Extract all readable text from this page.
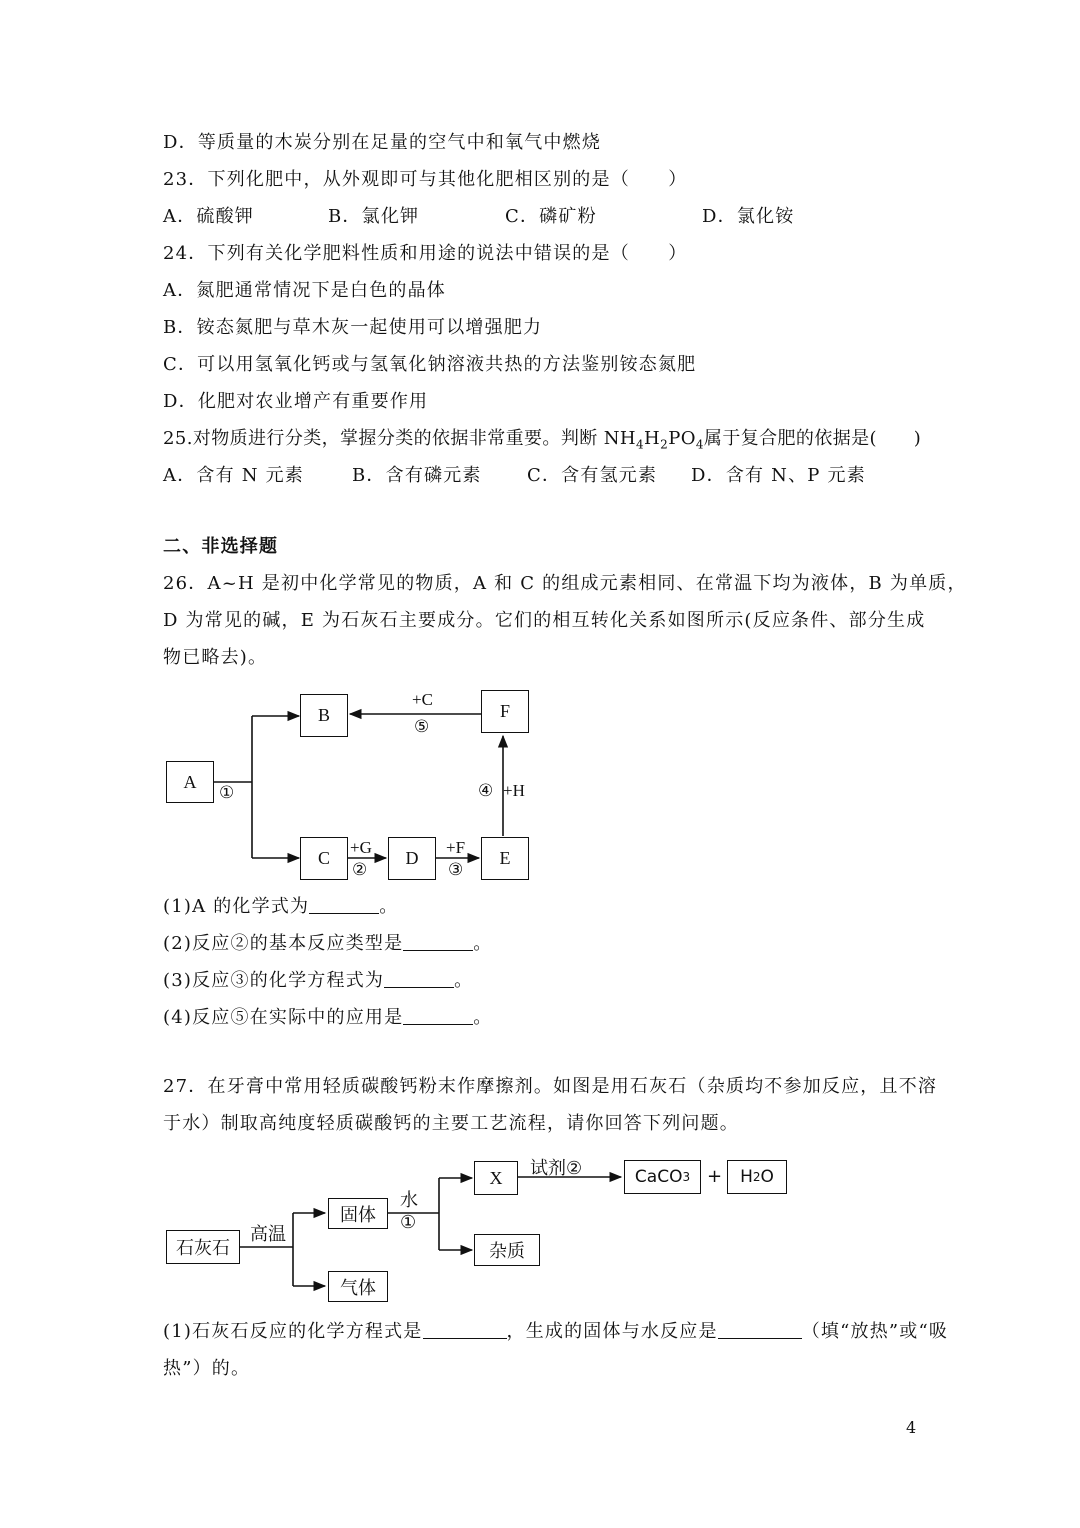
D．等质量的木炭分别在足量的空气中和氧气中燃烧
23．下列化肥中，从外观即可与其他化肥相区别的是（　　）
A．硫酸钾	B．氯化钾	C．磷矿粉	D．氯化铵
24．下列有关化学肥料性质和用途的说法中错误的是（　　）
A．氮肥通常情况下是白色的晶体
B．铵态氮肥与草木灰一起使用可以增强肥力
C．可以用氢氧化钙或与氢氧化钠溶液共热的方法鉴别铵态氮肥
D．化肥对农业增产有重要作用
25.对物质进行分类，掌握分类的依据非常重要。判断 $NH_4H_2PO_4$属于复合肥的依据是(　　)
A．含有 N 元素	B．含有磷元素	C．含有氢元素 D．含有 N、P 元素
二、非选择题
26．A~H 是初中化学常见的物质，A 和 C 的组成元素相同、在常温下均为液体，B 为单质，
D 为常见的碱，E 为石灰石主要成分。它们的相互转化关系如图所示(反应条件、部分生成
物已略去)。
A
B	F
C	D	E
①
+C
⑤
④ +H
+G
②
+F
③
(1)A 的化学式为	。
(2)反应②的基本反应类型是	。
(3)反应③的化学方程式为	。
(4)反应⑤在实际中的应用是	。
27．在牙膏中常用轻质碳酸钙粉末作摩擦剂。如图是用石灰石（杂质均不参加反应，且不溶
于水）制取高纯度轻质碳酸钙的主要工艺流程，请你回答下列问题。
石灰石
固体
气体
X
杂质
CaCO 3	H 2 O
高温
水
①
试剂②	+
(1)石灰石反应的化学方程式是	，生成的固体与水反应是	（填“放热”或“吸
热”）的。
4
